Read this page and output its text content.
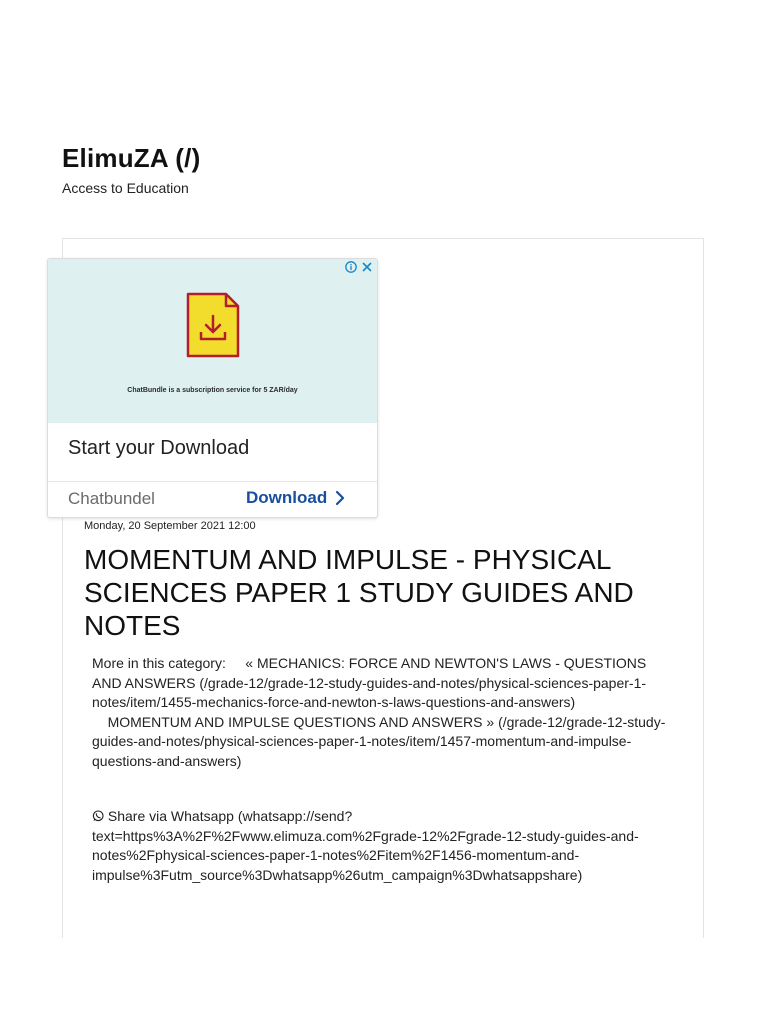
ElimuZA (/)
Access to Education
ChatBundle is a subscription service for 5 ZAR/day
Start your Download
Chatbundel	Download
Monday, 20 September 2021 12:00
MOMENTUM AND IMPULSE - PHYSICAL SCIENCES PAPER 1 STUDY GUIDES AND NOTES
More in this category: « MECHANICS: FORCE AND NEWTON'S LAWS - QUESTIONS AND ANSWERS (/grade-12/grade-12-study-guides-and-notes/physical-sciences-paper-1-notes/item/1455-mechanics-force-and-newton-s-laws-questions-and-answers)
MOMENTUM AND IMPULSE QUESTIONS AND ANSWERS » (/grade-12/grade-12-study-guides-and-notes/physical-sciences-paper-1-notes/item/1457-momentum-and-impulse-questions-and-answers)
Share via Whatsapp (whatsapp://send?text=https%3A%2F%2Fwww.elimuza.com%2Fgrade-12%2Fgrade-12-study-guides-and-notes%2Fphysical-sciences-paper-1-notes%2Fitem%2F1456-momentum-and-impulse%3Futm_source%3Dwhatsapp%26utm_campaign%3Dwhatsappshare)
